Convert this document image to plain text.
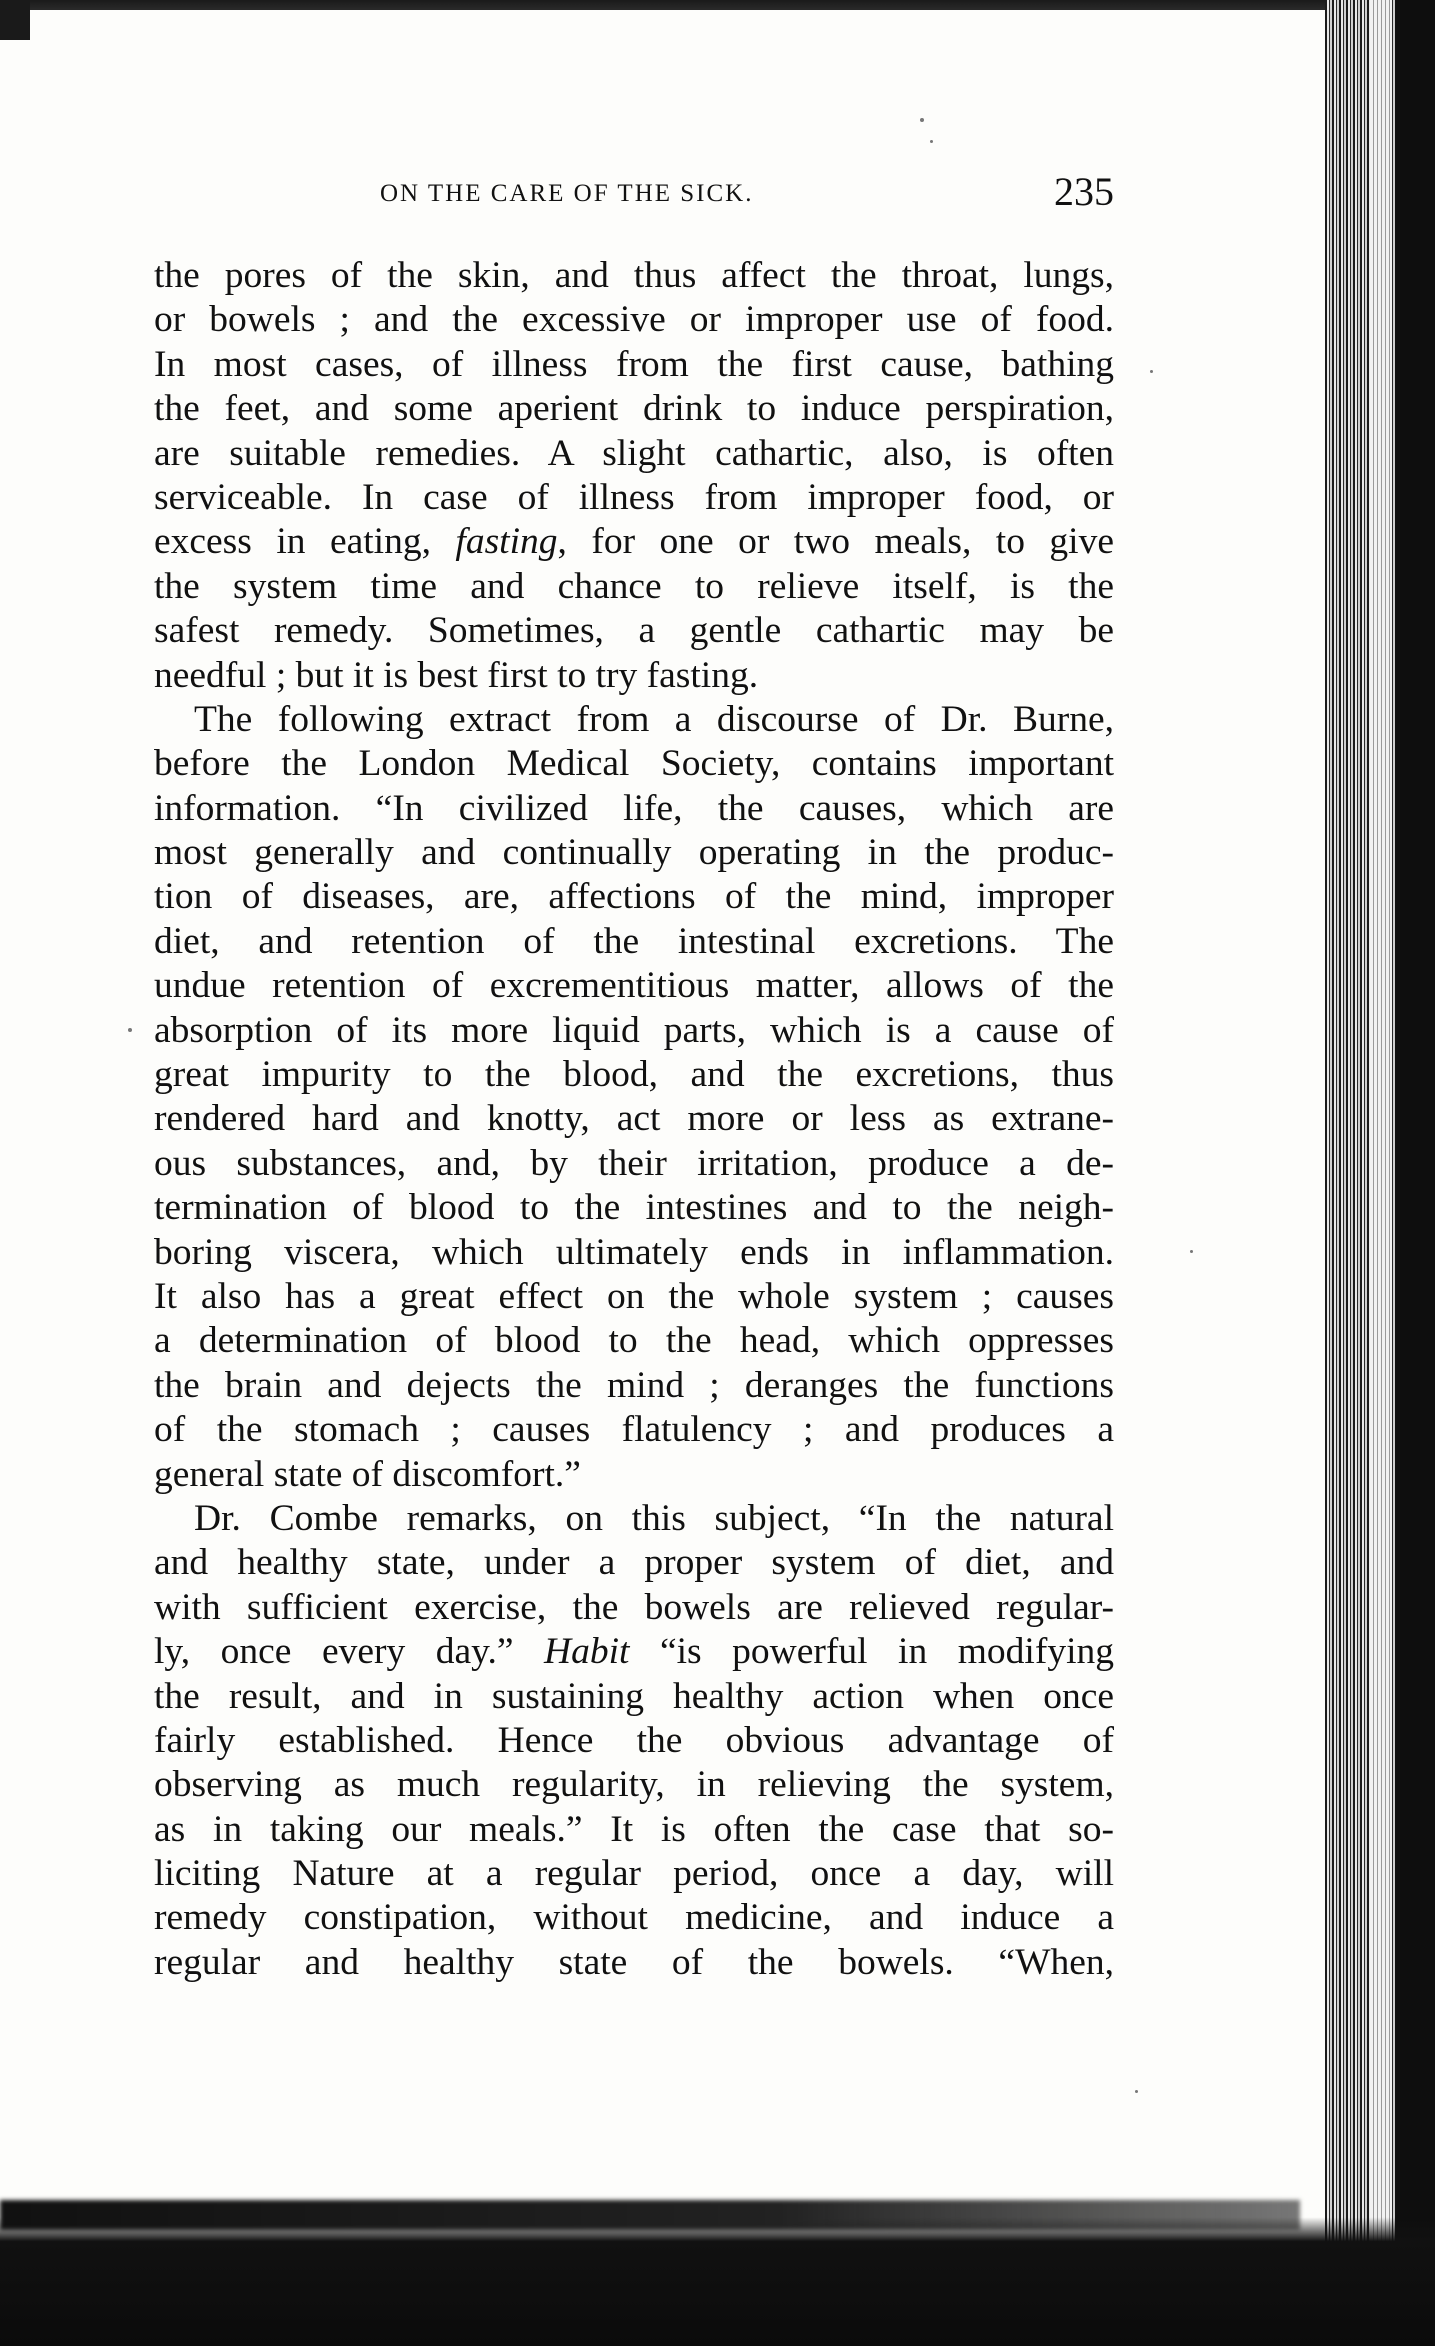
ON THE CARE OF THE SICK.	235
the pores of the skin, and thus affect the throat, lungs,
or bowels ; and the excessive or improper use of food.
In most cases, of illness from the first cause, bathing
the feet, and some aperient drink to induce perspiration,
are suitable remedies. A slight cathartic, also, is often
serviceable. In case of illness from improper food, or
excess in eating, fasting, for one or two meals, to give
the system time and chance to relieve itself, is the
safest remedy. Sometimes, a gentle cathartic may be
needful ; but it is best first to try fasting.
The following extract from a discourse of Dr. Burne,
before the London Medical Society, contains important
information. “In civilized life, the causes, which are
most generally and continually operating in the produc-
tion of diseases, are, affections of the mind, improper
diet, and retention of the intestinal excretions. The
undue retention of excrementitious matter, allows of the
absorption of its more liquid parts, which is a cause of
great impurity to the blood, and the excretions, thus
rendered hard and knotty, act more or less as extrane-
ous substances, and, by their irritation, produce a de-
termination of blood to the intestines and to the neigh-
boring viscera, which ultimately ends in inflammation.
It also has a great effect on the whole system ; causes
a determination of blood to the head, which oppresses
the brain and dejects the mind ; deranges the functions
of the stomach ; causes flatulency ; and produces a
general state of discomfort.”
Dr. Combe remarks, on this subject, “In the natural
and healthy state, under a proper system of diet, and
with sufficient exercise, the bowels are relieved regular-
ly, once every day.” Habit “is powerful in modifying
the result, and in sustaining healthy action when once
fairly established. Hence the obvious advantage of
observing as much regularity, in relieving the system,
as in taking our meals.” It is often the case that so-
liciting Nature at a regular period, once a day, will
remedy constipation, without medicine, and induce a
regular and healthy state of the bowels. “When,
